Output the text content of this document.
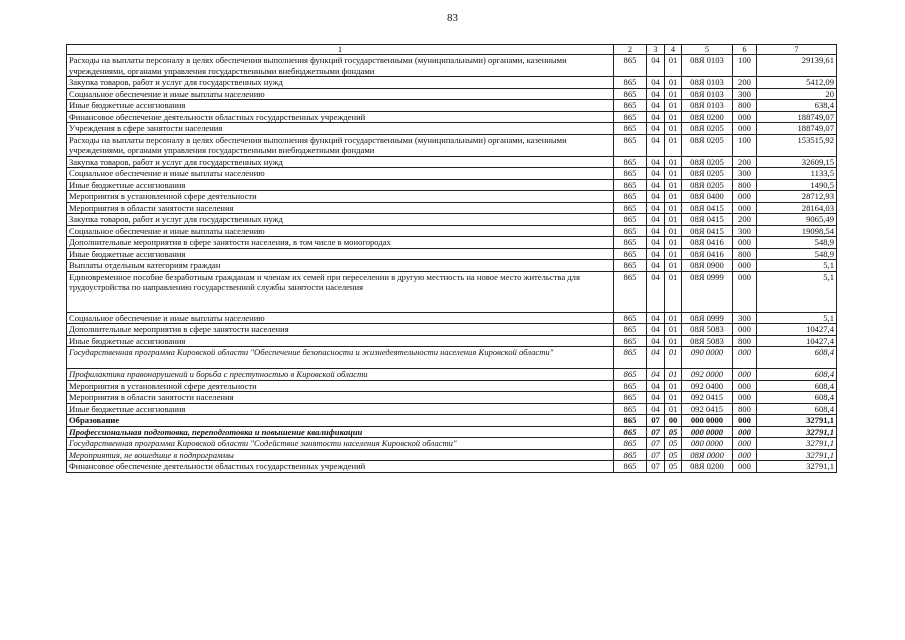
83
1	2	3	4	5	6	7
Расходы на выплаты персоналу в целях обеспечения выполнения функций государственными (муниципальными) органами, казенными учреждениями, органами управления государственными внебюджетными фондами	865	04	01	08Я 0103	100	29139,61
Закупка товаров, работ и услуг для государственных нужд	865	04	01	08Я 0103	200	5412,09
Социальное обеспечение и иные выплаты населению	865	04	01	08Я 0103	300	20
Иные бюджетные ассигнования	865	04	01	08Я 0103	800	638,4
Финансовое обеспечение деятельности областных государственных учреждений	865	04	01	08Я 0200	000	188749,07
Учреждения в сфере занятости населения	865	04	01	08Я 0205	000	188749,07
Расходы на выплаты персоналу в целях обеспечения выполнения функций государственными (муниципальными) органами, казенными учреждениями, органами управления государственными внебюджетными фондами	865	04	01	08Я 0205	100	153515,92
Закупка товаров, работ и услуг для государственных нужд	865	04	01	08Я 0205	200	32609,15
Социальное обеспечение и иные выплаты населению	865	04	01	08Я 0205	300	1133,5
Иные бюджетные ассигнования	865	04	01	08Я 0205	800	1490,5
Мероприятия в установленной сфере деятельности	865	04	01	08Я 0400	000	28712,93
Мероприятия в области занятости населения	865	04	01	08Я 0415	000	28164,03
Закупка товаров, работ и услуг для государственных нужд	865	04	01	08Я 0415	200	9065,49
Социальное обеспечение и иные выплаты населению	865	04	01	08Я 0415	300	19098,54
Дополнительные мероприятия в сфере занятости населения, в том числе в моногородах	865	04	01	08Я 0416	000	548,9
Иные бюджетные ассигнования	865	04	01	08Я 0416	800	548,9
Выплаты отдельным категориям граждан	865	04	01	08Я 0900	000	5,1
Единовременное пособие безработным гражданам и членам их семей при переселении в другую местность на новое место жительства для трудоустройства по направлению государственной службы занятости населения	865	04	01	08Я 0999	000	5,1
Социальное обеспечение и иные выплаты населению	865	04	01	08Я 0999	300	5,1
Дополнительные мероприятия в сфере занятости населения	865	04	01	08Я 5083	000	10427,4
Иные бюджетные ассигнования	865	04	01	08Я 5083	800	10427,4
Государственная программа Кировской области "Обеспечение безопасности и жизнедеятельности населения Кировской области"	865	04	01	090 0000	000	608,4
Профилактика правонарушений и борьба с преступностью в Кировской области	865	04	01	092 0000	000	608,4
Мероприятия в установленной сфере деятельности	865	04	01	092 0400	000	608,4
Мероприятия в области занятости населения	865	04	01	092 0415	000	608,4
Иные бюджетные ассигнования	865	04	01	092 0415	800	608,4
Образование	865	07	00	000 0000	000	32791,1
Профессиональная подготовка, переподготовка и повышение квалификации	865	07	05	000 0000	000	32791,1
Государственная программа Кировской области "Содействие занятости населения Кировской области"	865	07	05	080 0000	000	32791,1
Мероприятия, не вошедшие в подпрограммы	865	07	05	08Я 0000	000	32791,1
Финансовое обеспечение деятельности областных государственных учреждений	865	07	05	08Я 0200	000	32791,1
